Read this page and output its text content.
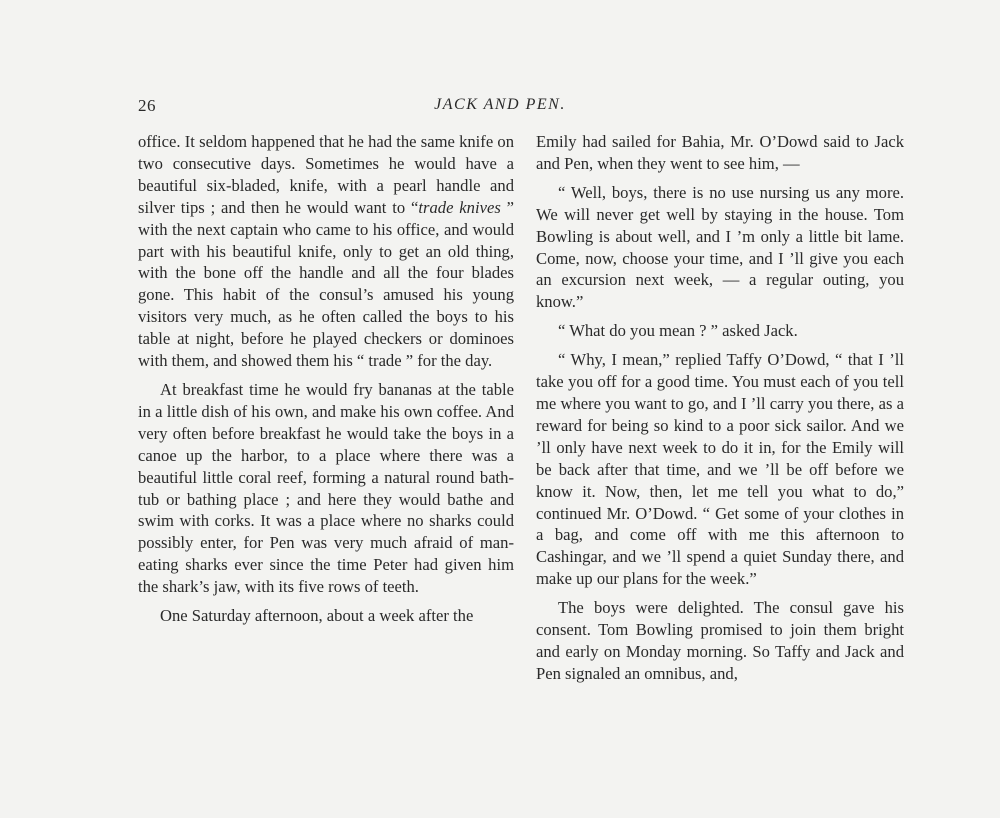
26	JACK AND PEN.

office. It seldom happened that he had the same knife on two consecutive days. Sometimes he would have a beautiful six-bladed, knife, with a pearl handle and silver tips ; and then he would want to “trade knives ” with the next captain who came to his office, and would part with his beautiful knife, only to get an old thing, with the bone off the handle and all the four blades gone. This habit of the consul’s amused his young visitors very much, as he often called the boys to his table at night, before he played checkers or dominoes with them, and showed them his “ trade ” for the day.

At breakfast time he would fry bananas at the table in a little dish of his own, and make his own coffee. And very often before breakfast he would take the boys in a canoe up the harbor, to a place where there was a beautiful little coral reef, forming a natural round bath-tub or bathing place ; and here they would bathe and swim with corks. It was a place where no sharks could possibly enter, for Pen was very much afraid of man-eating sharks ever since the time Peter had given him the shark’s jaw, with its five rows of teeth.

One Saturday afternoon, about a week after the

Emily had sailed for Bahia, Mr. O’Dowd said to Jack and Pen, when they went to see him, —

“ Well, boys, there is no use nursing us any more. We will never get well by staying in the house. Tom Bowling is about well, and I ’m only a little bit lame. Come, now, choose your time, and I ’ll give you each an excursion next week, — a regular outing, you know.”

“ What do you mean ? ” asked Jack.

“ Why, I mean,” replied Taffy O’Dowd, “ that I ’ll take you off for a good time. You must each of you tell me where you want to go, and I ’ll carry you there, as a reward for being so kind to a poor sick sailor. And we ’ll only have next week to do it in, for the Emily will be back after that time, and we ’ll be off before we know it. Now, then, let me tell you what to do,” continued Mr. O’Dowd. “ Get some of your clothes in a bag, and come off with me this afternoon to Cashingar, and we ’ll spend a quiet Sunday there, and make up our plans for the week.”

The boys were delighted. The consul gave his consent. Tom Bowling promised to join them bright and early on Monday morning. So Taffy and Jack and Pen signaled an omnibus, and,
